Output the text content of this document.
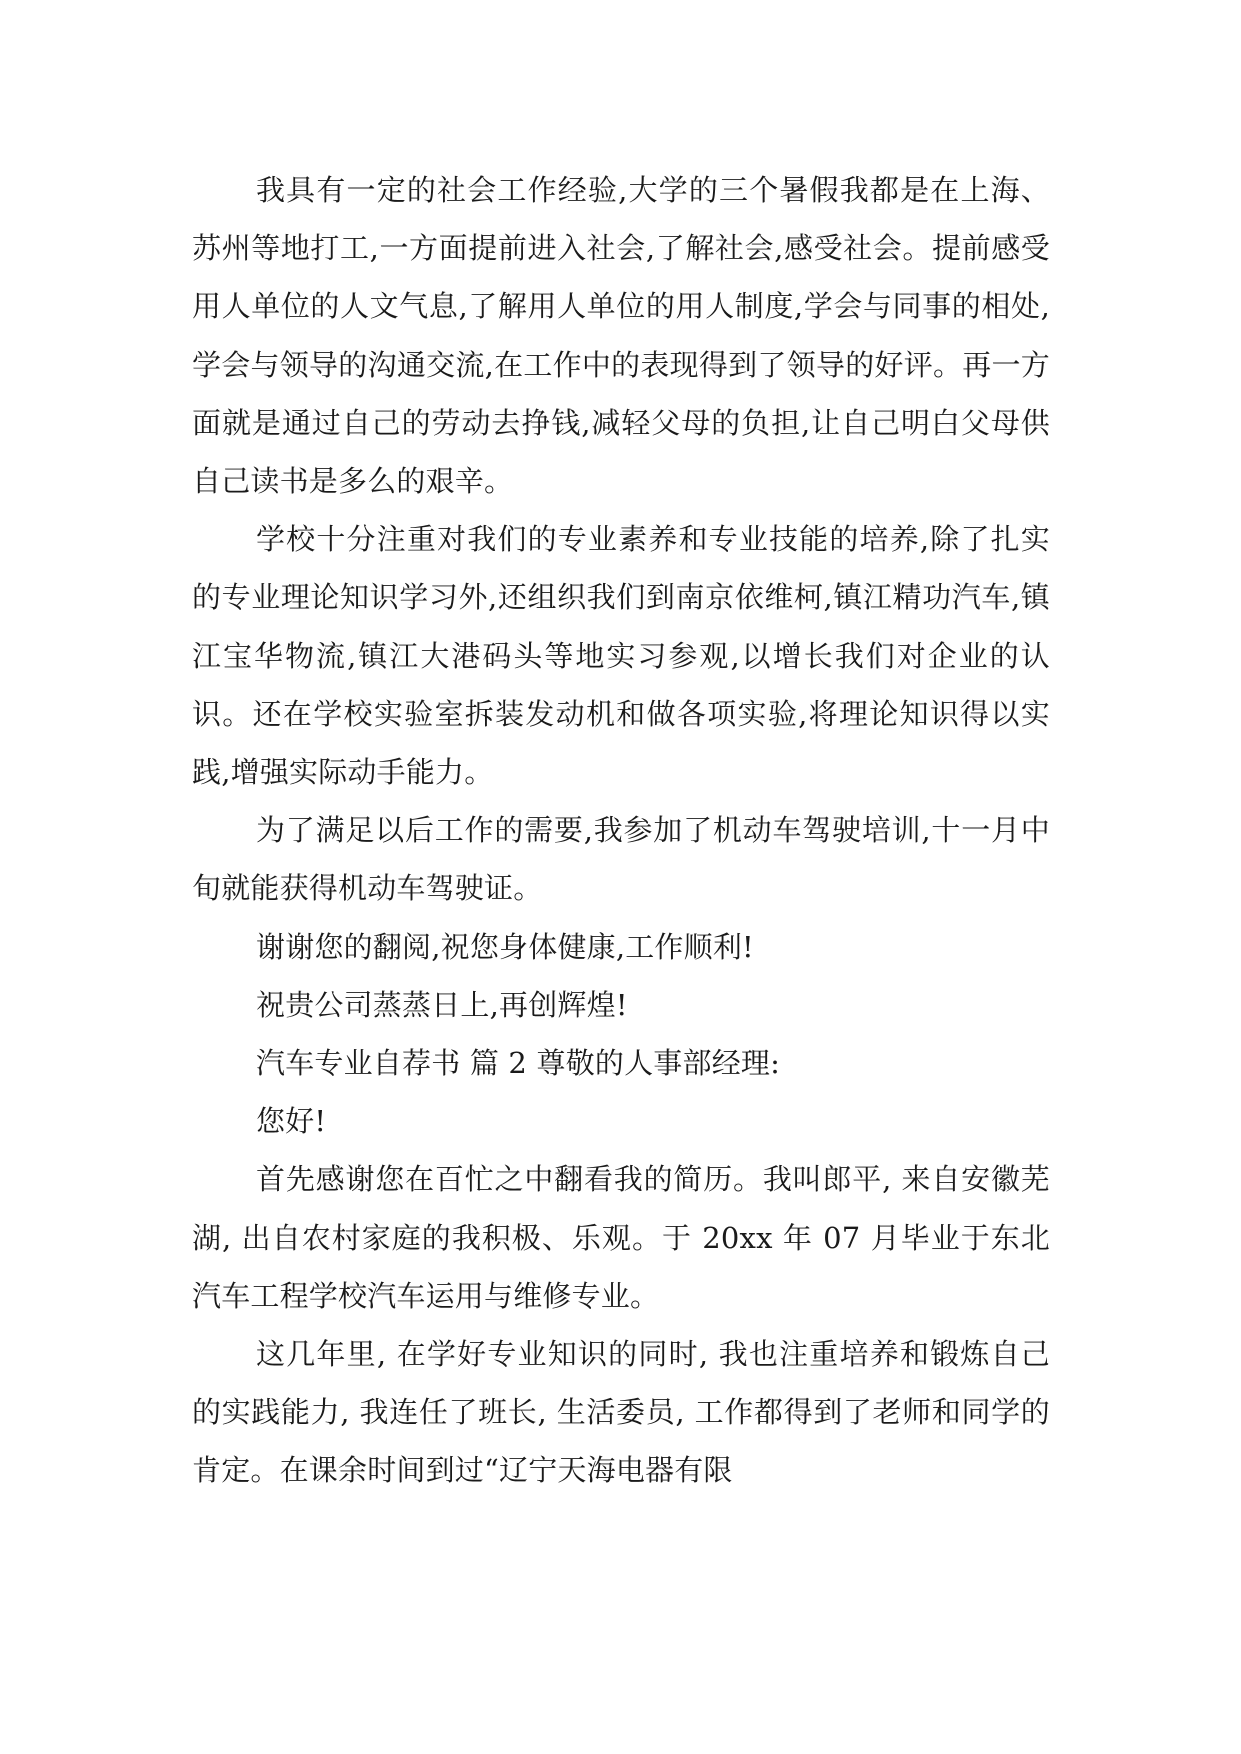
我具有一定的社会工作经验,大学的三个暑假我都是在上海、苏州等地打工,一方面提前进入社会,了解社会,感受社会。提前感受用人单位的人文气息,了解用人单位的用人制度,学会与同事的相处,学会与领导的沟通交流,在工作中的表现得到了领导的好评。再一方面就是通过自己的劳动去挣钱,减轻父母的负担,让自己明白父母供自己读书是多么的艰辛。

学校十分注重对我们的专业素养和专业技能的培养,除了扎实的专业理论知识学习外,还组织我们到南京依维柯,镇江精功汽车,镇江宝华物流,镇江大港码头等地实习参观,以增长我们对企业的认识。还在学校实验室拆装发动机和做各项实验,将理论知识得以实践,增强实际动手能力。

为了满足以后工作的需要,我参加了机动车驾驶培训,十一月中旬就能获得机动车驾驶证。

谢谢您的翻阅,祝您身体健康,工作顺利!

祝贵公司蒸蒸日上,再创辉煌!

汽车专业自荐书 篇 2 尊敬的人事部经理:

您好!

首先感谢您在百忙之中翻看我的简历。我叫郎平, 来自安徽芜湖, 出自农村家庭的我积极、乐观。于 20xx 年 07 月毕业于东北汽车工程学校汽车运用与维修专业。

这几年里, 在学好专业知识的同时, 我也注重培养和锻炼自己的实践能力, 我连任了班长, 生活委员, 工作都得到了老师和同学的肯定。在课余时间到过“辽宁天海电器有限
